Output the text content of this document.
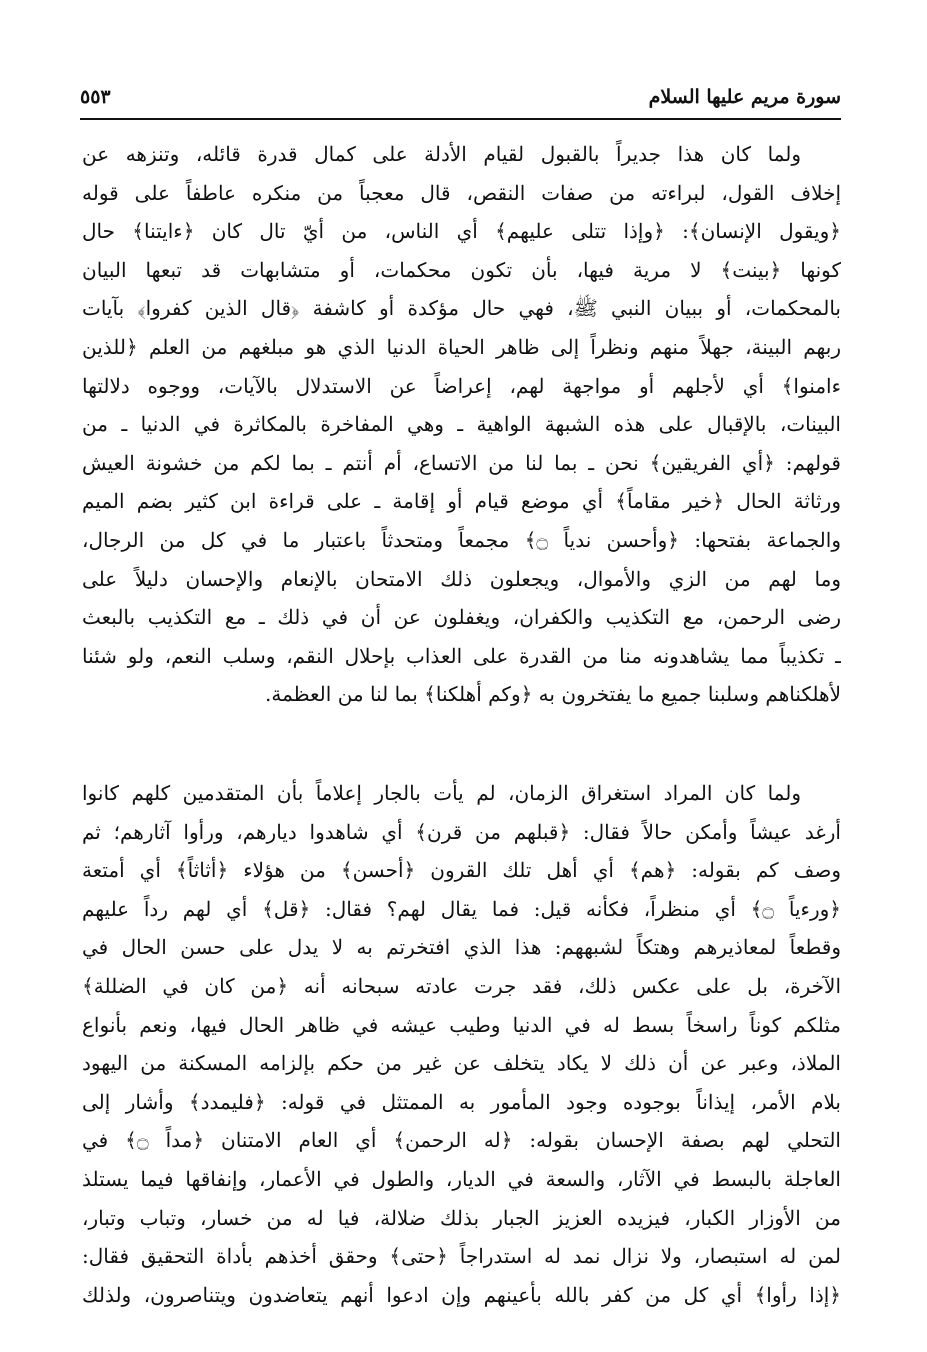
سورة مريم عليها السلام
٥٥٣
ولما كان هذا جديراً بالقبول لقيام الأدلة على كمال قدرة قائله، وتنزهه عن
إخلاف القول، لبراءته من صفات النقص، قال معجباً من منكره عاطفاً على قوله
﴿ويقول الإنسان﴾: ﴿وإذا تتلى عليهم﴾ أي الناس، من أيّ تال كان ﴿ءايتنا﴾ حال
كونها ﴿بينت﴾ لا مرية فيها، بأن تكون محكمات، أو متشابهات قد تبعها البيان
بالمحكمات، أو ببيان النبي ﷺ، فهي حال مؤكدة أو كاشفة ﴿قال الذين كفروا﴾ بآيات
ربهم البينة، جهلاً منهم ونظراً إلى ظاهر الحياة الدنيا الذي هو مبلغهم من العلم ﴿للذين
ءامنوا﴾ أي لأجلهم أو مواجهة لهم، إعراضاً عن الاستدلال بالآيات، ووجوه دلالتها
البينات، بالإقبال على هذه الشبهة الواهية ـ وهي المفاخرة بالمكاثرة في الدنيا ـ من
قولهم: ﴿أي الفريقين﴾ نحن ـ بما لنا من الاتساع، أم أنتم ـ بما لكم من خشونة العيش
ورثاثة الحال ﴿خير مقاماً﴾ أي موضع قيام أو إقامة ـ على قراءة ابن كثير بضم الميم
والجماعة بفتحها: ﴿وأحسن ندياً ۝﴾ مجمعاً ومتحدثاً باعتبار ما في كل من الرجال،
وما لهم من الزي والأموال، ويجعلون ذلك الامتحان بالإنعام والإحسان دليلاً على
رضى الرحمن، مع التكذيب والكفران، ويغفلون عن أن في ذلك ـ مع التكذيب بالبعث
ـ تكذيباً مما يشاهدونه منا من القدرة على العذاب بإحلال النقم، وسلب النعم، ولو شئنا
لأهلكناهم وسلبنا جميع ما يفتخرون به ﴿وكم أهلكنا﴾ بما لنا من العظمة.
ولما كان المراد استغراق الزمان، لم يأت بالجار إعلاماً بأن المتقدمين كلهم كانوا
أرغد عيشاً وأمكن حالاً فقال: ﴿قبلهم من قرن﴾ أي شاهدوا ديارهم، ورأوا آثارهم؛ ثم
وصف كم بقوله: ﴿هم﴾ أي أهل تلك القرون ﴿أحسن﴾ من هؤلاء ﴿أثاثاً﴾ أي أمتعة
﴿ورءياً ۝﴾ أي منظراً، فكأنه قيل: فما يقال لهم؟ فقال: ﴿قل﴾ أي لهم رداً عليهم
وقطعاً لمعاذيرهم وهتكاً لشبههم: هذا الذي افتخرتم به لا يدل على حسن الحال في
الآخرة، بل على عكس ذلك، فقد جرت عادته سبحانه أنه ﴿من كان في الضللة﴾
مثلكم كوناً راسخاً بسط له في الدنيا وطيب عيشه في ظاهر الحال فيها، ونعم بأنواع
الملاذ، وعبر عن أن ذلك لا يكاد يتخلف عن غير من حكم بإلزامه المسكنة من اليهود
بلام الأمر، إيذاناً بوجوده وجود المأمور به الممتثل في قوله: ﴿فليمدد﴾ وأشار إلى
التحلي لهم بصفة الإحسان بقوله: ﴿له الرحمن﴾ أي العام الامتنان ﴿مداً ۝﴾ في
العاجلة بالبسط في الآثار، والسعة في الديار، والطول في الأعمار، وإنفاقها فيما يستلذ
من الأوزار الكبار، فيزيده العزيز الجبار بذلك ضلالة، فيا له من خسار، وتباب وتبار،
لمن له استبصار، ولا نزال نمد له استدراجاً ﴿حتى﴾ وحقق أخذهم بأداة التحقيق فقال:
﴿إذا رأوا﴾ أي كل من كفر بالله بأعينهم وإن ادعوا أنهم يتعاضدون ويتناصرون، ولذلك
